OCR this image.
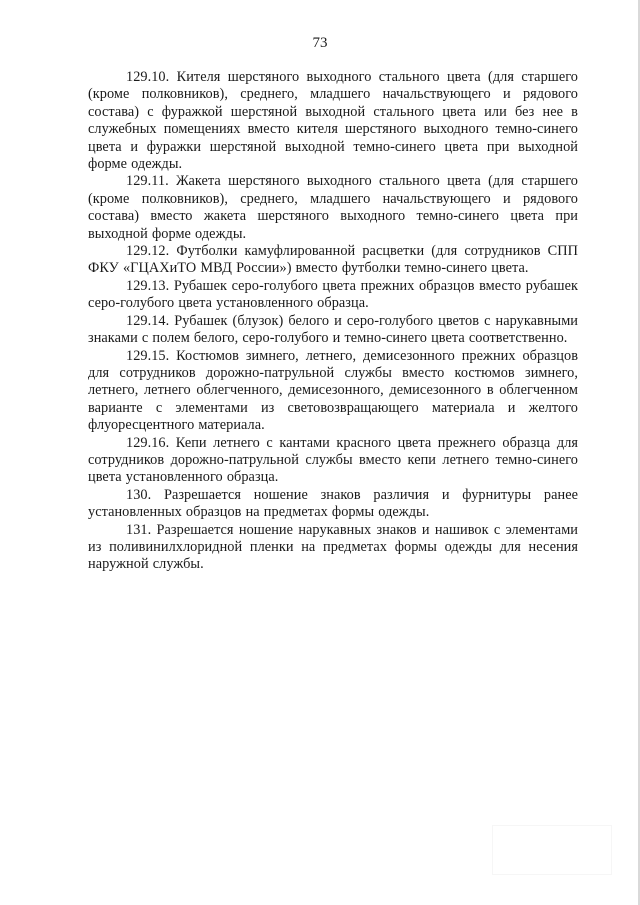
73

129.10. Кителя шерстяного выходного стального цвета (для старшего (кроме полковников), среднего, младшего начальствующего и рядового состава) с фуражкой шерстяной выходной стального цвета или без нее в служебных помещениях вместо кителя шерстяного выходного темно-синего цвета и фуражки шерстяной выходной темно-синего цвета при выходной форме одежды.

129.11. Жакета шерстяного выходного стального цвета (для старшего (кроме полковников), среднего, младшего начальствующего и рядового состава) вместо жакета шерстяного выходного темно-синего цвета при выходной форме одежды.

129.12. Футболки камуфлированной расцветки (для сотрудников СПП ФКУ «ГЦАХиТО МВД России») вместо футболки темно-синего цвета.

129.13. Рубашек серо-голубого цвета прежних образцов вместо рубашек серо-голубого цвета установленного образца.

129.14. Рубашек (блузок) белого и серо-голубого цветов с нарукавными знаками с полем белого, серо-голубого и темно-синего цвета соответственно.

129.15. Костюмов зимнего, летнего, демисезонного прежних образцов для сотрудников дорожно-патрульной службы вместо костюмов зимнего, летнего, летнего облегченного, демисезонного, демисезонного в облегченном варианте с элементами из световозвращающего материала и желтого флуоресцентного материала.

129.16. Кепи летнего с кантами красного цвета прежнего образца для сотрудников дорожно-патрульной службы вместо кепи летнего темно-синего цвета установленного образца.

130. Разрешается ношение знаков различия и фурнитуры ранее установленных образцов на предметах формы одежды.

131. Разрешается ношение нарукавных знаков и нашивок с элементами из поливинилхлоридной пленки на предметах формы одежды для несения наружной службы.
